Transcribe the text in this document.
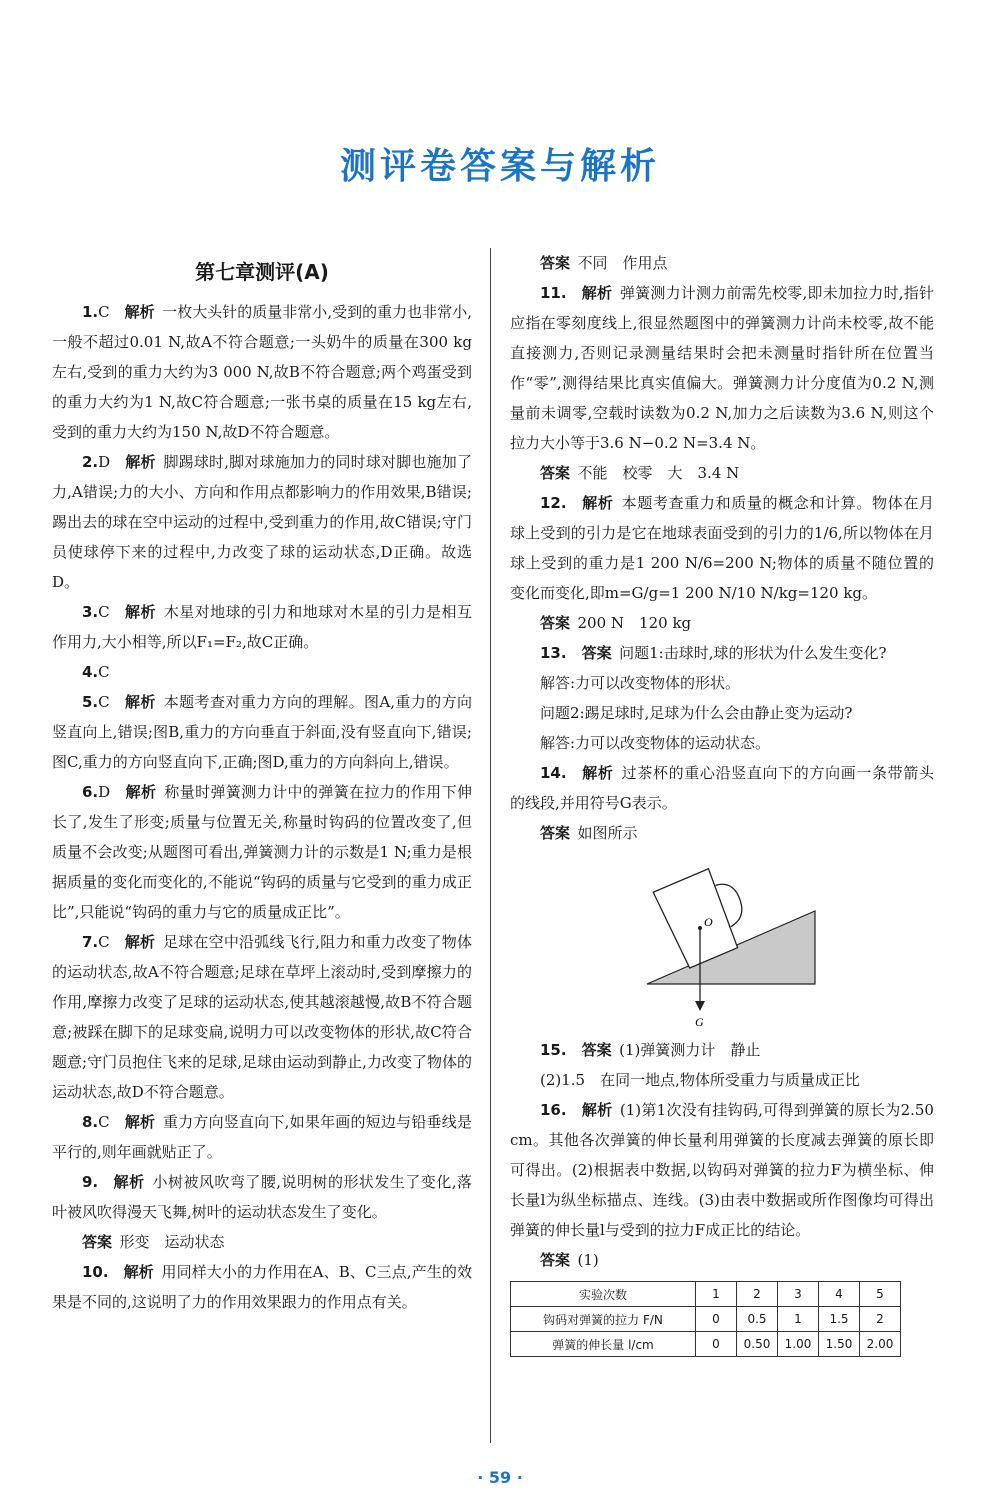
测评卷答案与解析
第七章测评(A)

1.C  解析  一枚大头针的质量非常小,受到的重力也非常小,一般不超过0.01 N,故A不符合题意;一头奶牛的质量在300 kg左右,受到的重力大约为3 000 N,故B不符合题意;两个鸡蛋受到的重力大约为1 N,故C符合题意;一张书桌的质量在15 kg左右,受到的重力大约为150 N,故D不符合题意。

2.D  解析  脚踢球时,脚对球施加力的同时球对脚也施加了力,A错误;力的大小、方向和作用点都影响力的作用效果,B错误;踢出去的球在空中运动的过程中,受到重力的作用,故C错误;守门员使球停下来的过程中,力改变了球的运动状态,D正确。故选D。

3.C  解析  木星对地球的引力和地球对木星的引力是相互作用力,大小相等,所以F₁=F₂,故C正确。

4.C 

5.C  解析  本题考查对重力方向的理解。图A,重力的方向竖直向上,错误;图B,重力的方向垂直于斜面,没有竖直向下,错误;图C,重力的方向竖直向下,正确;图D,重力的方向斜向上,错误。

6.D  解析  称量时弹簧测力计中的弹簧在拉力的作用下伸长了,发生了形变;质量与位置无关,称量时钩码的位置改变了,但质量不会改变;从题图可看出,弹簧测力计的示数是1 N;重力是根据质量的变化而变化的,不能说“钩码的质量与它受到的重力成正比”,只能说“钩码的重力与它的质量成正比”。

7.C  解析  足球在空中沿弧线飞行,阻力和重力改变了物体的运动状态,故A不符合题意;足球在草坪上滚动时,受到摩擦力的作用,摩擦力改变了足球的运动状态,使其越滚越慢,故B不符合题意;被踩在脚下的足球变扁,说明力可以改变物体的形状,故C符合题意;守门员抱住飞来的足球,足球由运动到静止,力改变了物体的运动状态,故D不符合题意。

8.C  解析  重力方向竖直向下,如果年画的短边与铅垂线是平行的,则年画就贴正了。

9.  解析  小树被风吹弯了腰,说明树的形状发生了变化,落叶被风吹得漫天飞舞,树叶的运动状态发生了变化。

答案  形变　运动状态

10.  解析  用同样大小的力作用在A、B、C三点,产生的效果是不同的,这说明了力的作用效果跟力的作用点有关。

答案  不同　作用点

11.  解析  弹簧测力计测力前需先校零,即未加拉力时,指针应指在零刻度线上,很显然题图中的弹簧测力计尚未校零,故不能直接测力,否则记录测量结果时会把未测量时指针所在位置当作“零”,测得结果比真实值偏大。弹簧测力计分度值为0.2 N,测量前未调零,空载时读数为0.2 N,加力之后读数为3.6 N,则这个拉力大小等于3.6 N−0.2 N=3.4 N。

答案  不能　校零　大　3.4 N

12.  解析  本题考查重力和质量的概念和计算。物体在月球上受到的引力是它在地球表面受到的引力的1/6,所以物体在月球上受到的重力是1 200 N/6=200 N;物体的质量不随位置的变化而变化,即m=G/g=1 200 N/10 N/kg=120 kg。

答案  200 N　120 kg

13.  答案  问题1:击球时,球的形状为什么发生变化?

解答:力可以改变物体的形状。

问题2:踢足球时,足球为什么会由静止变为运动?

解答:力可以改变物体的运动状态。

14.  解析  过茶杯的重心沿竖直向下的方向画一条带箭头的线段,并用符号G表示。

答案  如图所示

O
G

15.  答案  (1)弹簧测力计　静止

(2)1.5　在同一地点,物体所受重力与质量成正比

16.  解析  (1)第1次没有挂钩码,可得到弹簧的原长为2.50 cm。其他各次弹簧的伸长量利用弹簧的长度减去弹簧的原长即可得出。(2)根据表中数据,以钩码对弹簧的拉力F为横坐标、伸长量l为纵坐标描点、连线。(3)由表中数据或所作图像均可得出弹簧的伸长量l与受到的拉力F成正比的结论。

答案  (1)

实验次数	1	2	3	4	5
钩码对弹簧的拉力 F/N	0	0.5	1	1.5	2
弹簧的伸长量 l/cm	0	0.50	1.00	1.50	2.00
· 59 ·
